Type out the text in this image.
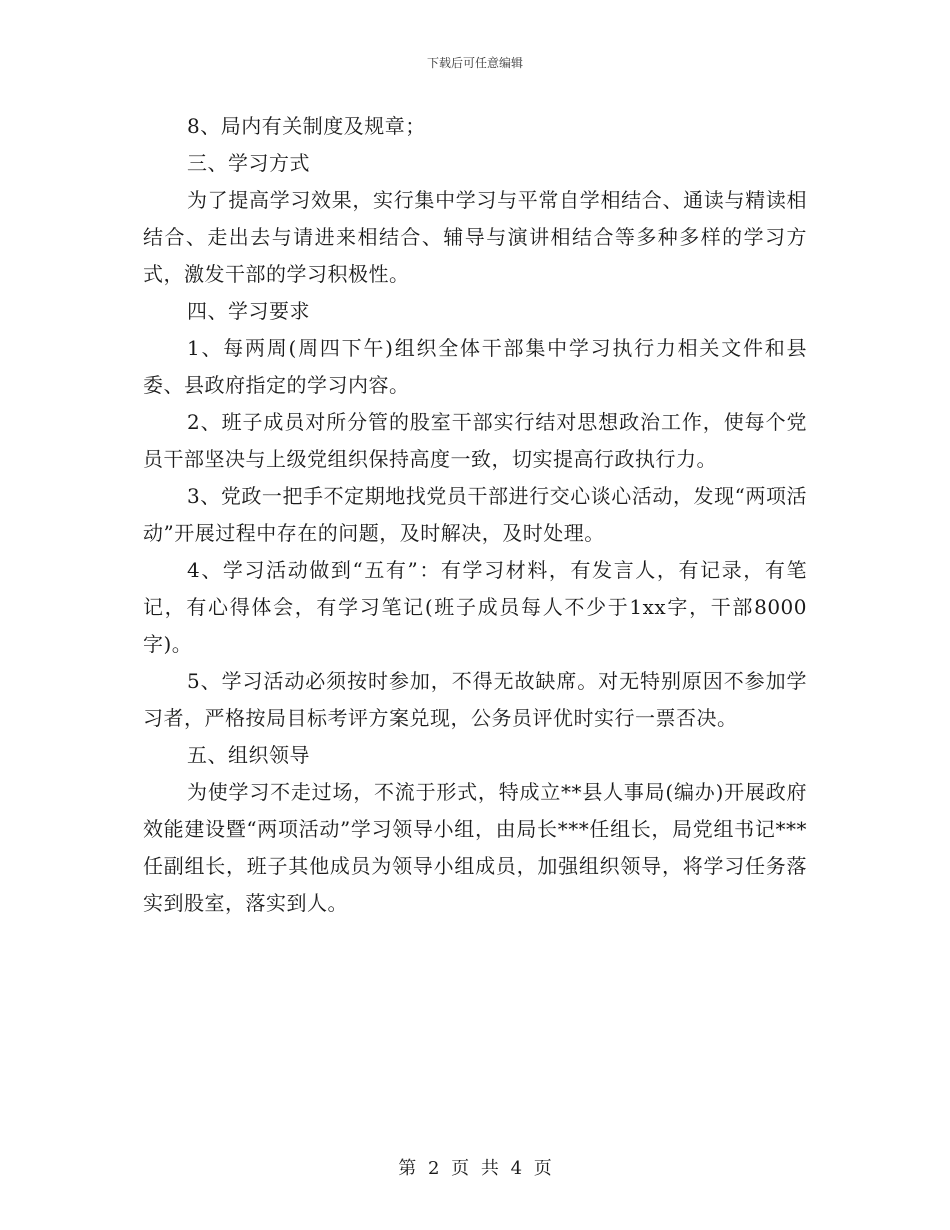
下载后可任意编辑

8、局内有关制度及规章；

三、学习方式

为了提高学习效果，实行集中学习与平常自学相结合、通读与精读相结合、走出去与请进来相结合、辅导与演讲相结合等多种多样的学习方式，激发干部的学习积极性。

四、学习要求

1、每两周(周四下午)组织全体干部集中学习执行力相关文件和县委、县政府指定的学习内容。

2、班子成员对所分管的股室干部实行结对思想政治工作，使每个党员干部坚决与上级党组织保持高度一致，切实提高行政执行力。

3、党政一把手不定期地找党员干部进行交心谈心活动，发现“两项活动”开展过程中存在的问题，及时解决，及时处理。

4、学习活动做到“五有”：有学习材料，有发言人，有记录，有笔记，有心得体会，有学习笔记(班子成员每人不少于1xx字，干部8000字)。

5、学习活动必须按时参加，不得无故缺席。对无特别原因不参加学习者，严格按局目标考评方案兑现，公务员评优时实行一票否决。

五、组织领导

为使学习不走过场，不流于形式，特成立**县人事局(编办)开展政府效能建设暨“两项活动”学习领导小组，由局长***任组长，局党组书记***任副组长，班子其他成员为领导小组成员，加强组织领导，将学习任务落实到股室，落实到人。

第 2 页 共 4 页
